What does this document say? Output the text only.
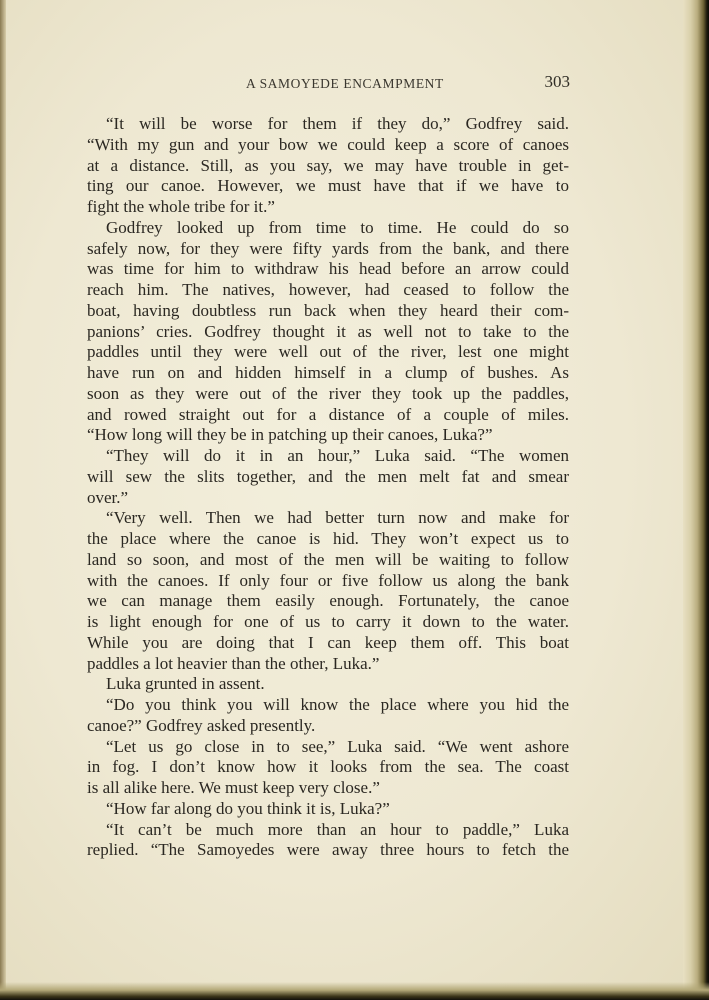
A SAMOYEDE ENCAMPMENT	303
“It will be worse for them if they do,” Godfrey said.
“With my gun and your bow we could keep a score of canoes
at a distance. Still, as you say, we may have trouble in get-
ting our canoe. However, we must have that if we have to
fight the whole tribe for it.”
Godfrey looked up from time to time. He could do so
safely now, for they were fifty yards from the bank, and there
was time for him to withdraw his head before an arrow could
reach him. The natives, however, had ceased to follow the
boat, having doubtless run back when they heard their com-
panions’ cries. Godfrey thought it as well not to take to the
paddles until they were well out of the river, lest one might
have run on and hidden himself in a clump of bushes. As
soon as they were out of the river they took up the paddles,
and rowed straight out for a distance of a couple of miles.
“How long will they be in patching up their canoes, Luka?”
“They will do it in an hour,” Luka said. “The women
will sew the slits together, and the men melt fat and smear
over.”
“Very well. Then we had better turn now and make for
the place where the canoe is hid. They won’t expect us to
land so soon, and most of the men will be waiting to follow
with the canoes. If only four or five follow us along the bank
we can manage them easily enough. Fortunately, the canoe
is light enough for one of us to carry it down to the water.
While you are doing that I can keep them off. This boat
paddles a lot heavier than the other, Luka.”
Luka grunted in assent.
“Do you think you will know the place where you hid the
canoe?” Godfrey asked presently.
“Let us go close in to see,” Luka said. “We went ashore
in fog. I don’t know how it looks from the sea. The coast
is all alike here. We must keep very close.”
“How far along do you think it is, Luka?”
“It can’t be much more than an hour to paddle,” Luka
replied. “The Samoyedes were away three hours to fetch the
